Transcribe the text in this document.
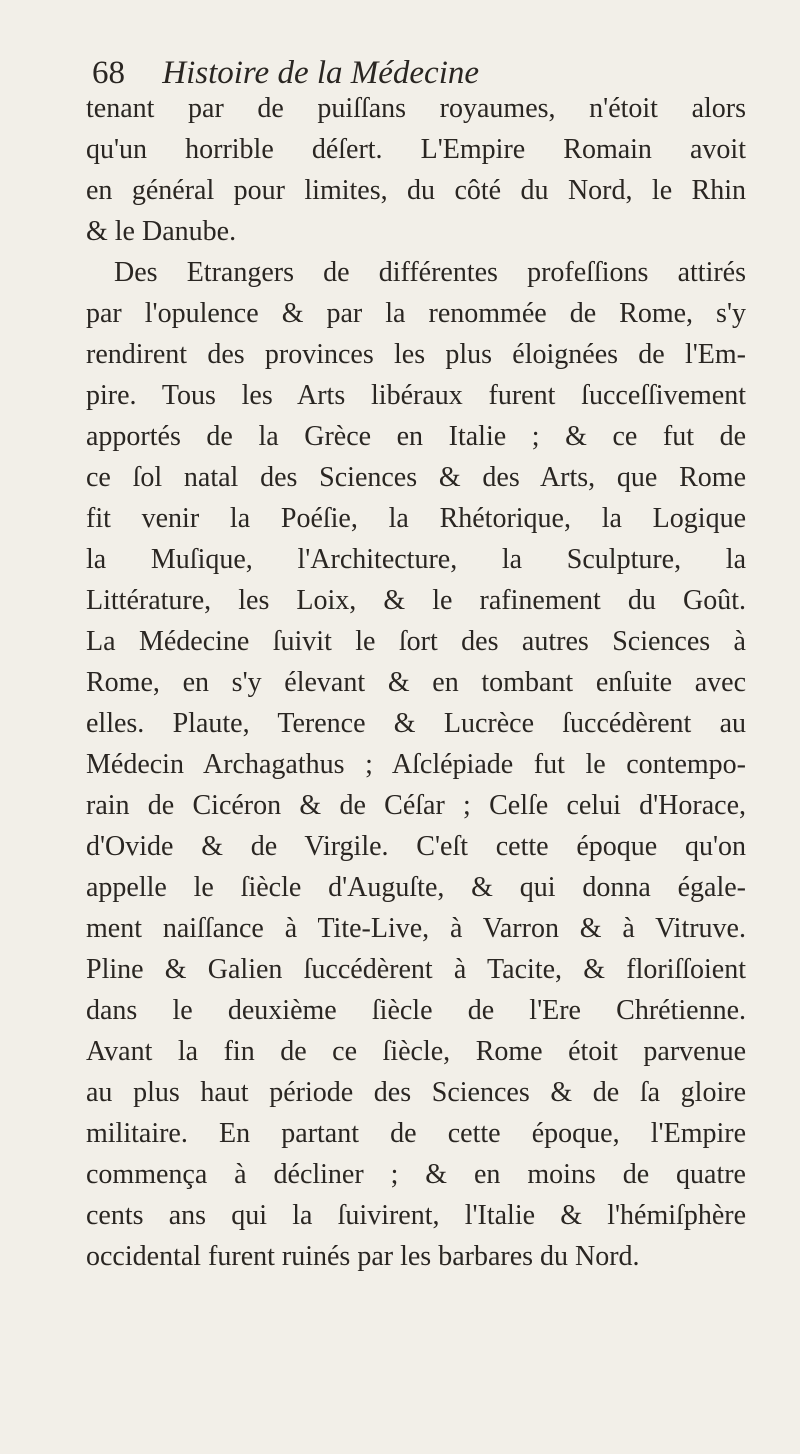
68 Histoire de la Médecine
tenant par de puiſſans royaumes, n'étoit alors
qu'un horrible déſert. L'Empire Romain avoit
en général pour limites, du côté du Nord, le Rhin
& le Danube.
Des Etrangers de différentes profeſſions attirés
par l'opulence & par la renommée de Rome, s'y
rendirent des provinces les plus éloignées de l'Em-
pire. Tous les Arts libéraux furent ſucceſſivement
apportés de la Grèce en Italie ; & ce fut de
ce ſol natal des Sciences & des Arts, que Rome
fit venir la Poéſie, la Rhétorique, la Logique
la Muſique, l'Architecture, la Sculpture, la
Littérature, les Loix, & le rafinement du Goût.
La Médecine ſuivit le ſort des autres Sciences à
Rome, en s'y élevant & en tombant enſuite avec
elles. Plaute, Terence & Lucrèce ſuccédèrent au
Médecin Archagathus ; Aſclépiade fut le contempo-
rain de Cicéron & de Céſar ; Celſe celui d'Horace,
d'Ovide & de Virgile. C'eſt cette époque qu'on
appelle le ſiècle d'Auguſte, & qui donna égale-
ment naiſſance à Tite-Live, à Varron & à Vitruve.
Pline & Galien ſuccédèrent à Tacite, & floriſſoient
dans le deuxième ſiècle de l'Ere Chrétienne.
Avant la fin de ce ſiècle, Rome étoit parvenue
au plus haut période des Sciences & de ſa gloire
militaire. En partant de cette époque, l'Empire
commença à décliner ; & en moins de quatre
cents ans qui la ſuivirent, l'Italie & l'hémiſphère
occidental furent ruinés par les barbares du Nord.
